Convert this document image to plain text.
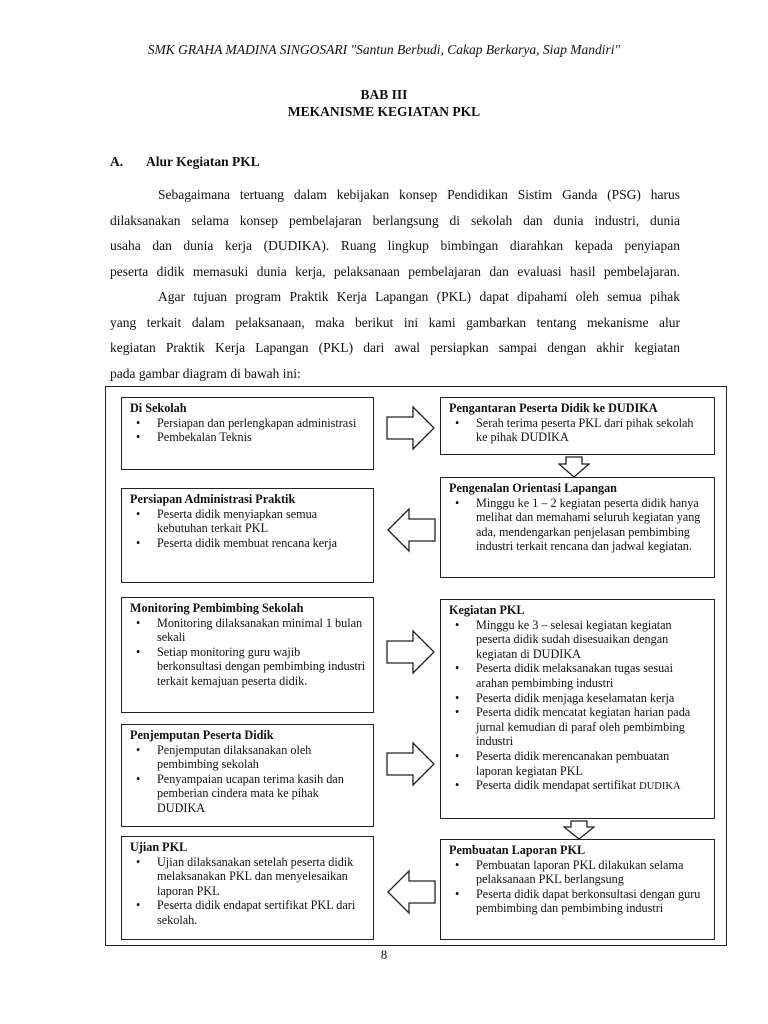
SMK GRAHA MADINA SINGOSARI "Santun Berbudi, Cakap Berkarya, Siap Mandiri"
BAB III
MEKANISME KEGIATAN PKL
A. Alur Kegiatan PKL

Sebagaimana tertuang dalam kebijakan konsep Pendidikan Sistim Ganda (PSG) harus

dilaksanakan selama konsep pembelajaran berlangsung di sekolah dan dunia industri, dunia

usaha dan dunia kerja (DUDIKA). Ruang lingkup bimbingan diarahkan kepada penyiapan

peserta didik memasuki dunia kerja, pelaksanaan pembelajaran dan evaluasi hasil pembelajaran.

Agar tujuan program Praktik Kerja Lapangan (PKL) dapat dipahami oleh semua pihak

yang terkait dalam pelaksanaan, maka berikut ini kami gambarkan tentang mekanisme alur

kegiatan Praktik Kerja Lapangan (PKL) dari awal persiapkan sampai dengan akhir kegiatan

pada gambar diagram di bawah ini:

Di Sekolah
• Persiapan dan perlengkapan administrasi
• Pembekalan Teknis
Persiapan Administrasi Praktik
• Peserta didik menyiapkan semua kebutuhan terkait PKL
• Peserta didik membuat rencana kerja
Monitoring Pembimbing Sekolah
• Monitoring dilaksanakan minimal 1 bulan sekali
• Setiap monitoring guru wajib berkonsultasi dengan pembimbing industri terkait kemajuan peserta didik.
Penjemputan Peserta Didik
• Penjemputan dilaksanakan oleh pembimbing sekolah
• Penyampaian ucapan terima kasih dan pemberian cindera mata ke pihak DUDIKA
Ujian PKL
• Ujian dilaksanakan setelah peserta didik melaksanakan PKL dan menyelesaikan laporan PKL
• Peserta didik endapat sertifikat PKL dari sekolah.
Pengantaran Peserta Didik ke DUDIKA
• Serah terima peserta PKL dari pihak sekolah ke pihak DUDIKA
Pengenalan Orientasi Lapangan
• Minggu ke 1 – 2 kegiatan peserta didik hanya melihat dan memahami seluruh kegiatan yang ada, mendengarkan penjelasan pembimbing industri terkait rencana dan jadwal kegiatan.
Kegiatan PKL
• Minggu ke 3 – selesai kegiatan kegiatan peserta didik sudah disesuaikan dengan kegiatan di DUDIKA
• Peserta didik melaksanakan tugas sesuai arahan pembimbing industri
• Peserta didik menjaga keselamatan kerja
• Peserta didik mencatat kegiatan harian pada jurnal kemudian di paraf oleh pembimbing industri
• Peserta didik merencanakan pembuatan laporan kegiatan PKL
• Peserta didik mendapat sertifikat DUDIKA
Pembuatan Laporan PKL
• Pembuatan laporan PKL dilakukan selama pelaksanaan PKL berlangsung
• Peserta didik dapat berkonsultasi dengan guru pembimbing dan pembimbing industri
8
